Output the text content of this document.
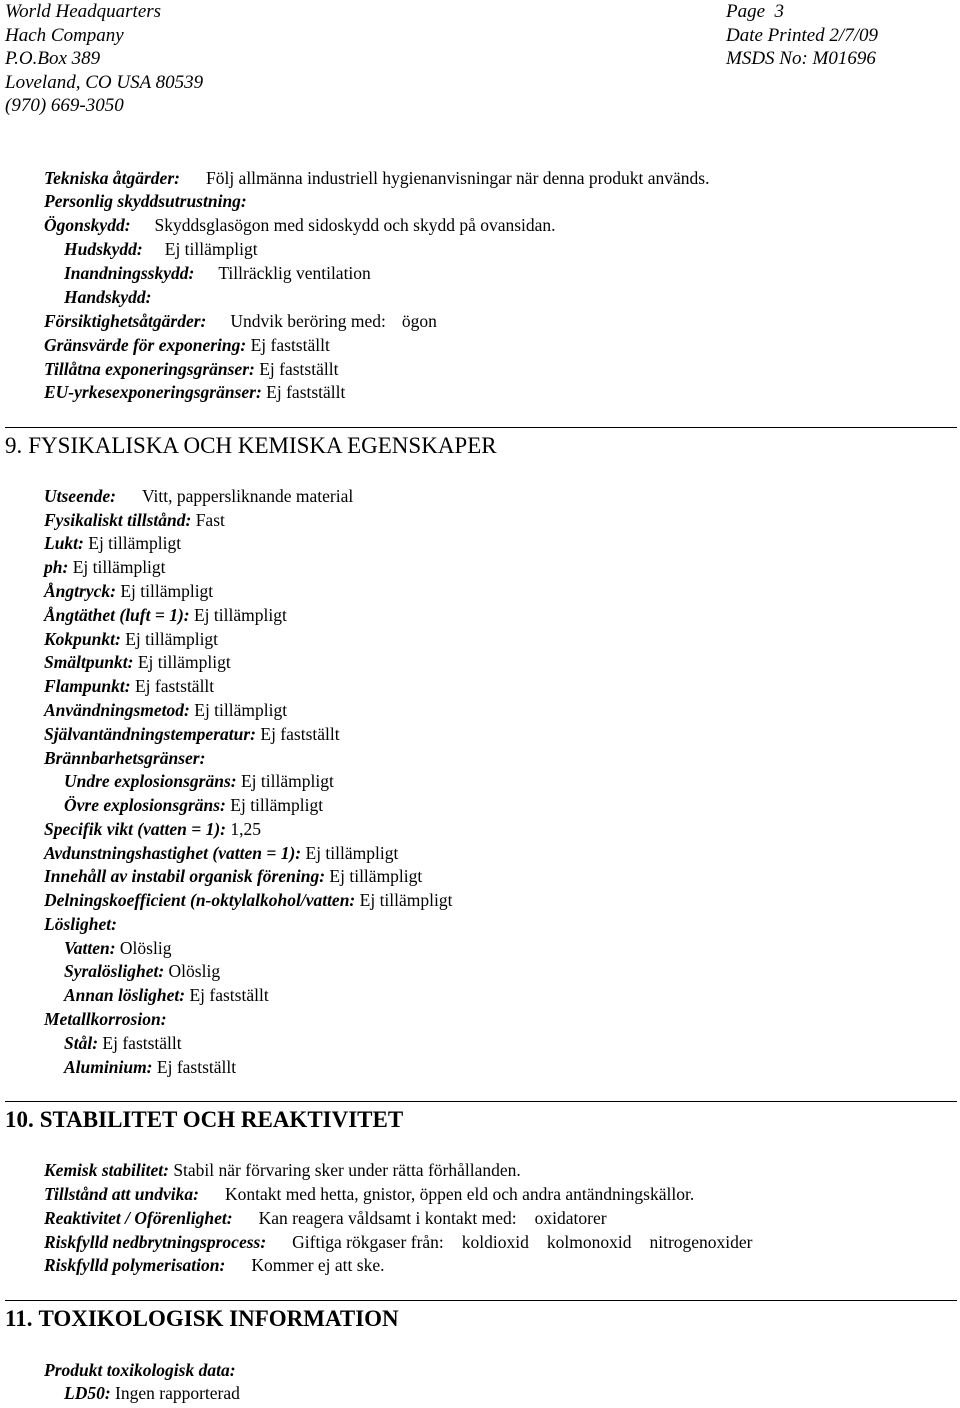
World Headquarters
Hach Company
P.O.Box 389
Loveland, CO USA 80539
(970) 669-3050
Page 3
Date Printed 2/7/09
MSDS No: M01696
Tekniska åtgärder: Följ allmänna industriell hygienanvisningar när denna produkt används.
Personlig skyddsutrustning:
Ögonskydd: Skyddsglasögon med sidoskydd och skydd på ovansidan.
Hudskydd: Ej tillämpligt
Inandningsskydd: Tillräcklig ventilation
Handskydd:
Försiktighetsåtgärder: Undvik beröring med: ögon
Gränsvärde för exponering: Ej fastställt
Tillåtna exponeringsgränser: Ej fastställt
EU-yrkesexponeringsgränser: Ej fastställt
9. FYSIKALISKA OCH KEMISKA EGENSKAPER
Utseende: Vitt, pappersliknande material
Fysikaliskt tillstånd: Fast
Lukt: Ej tillämpligt
ph: Ej tillämpligt
Ångtryck: Ej tillämpligt
Ångtäthet (luft = 1): Ej tillämpligt
Kokpunkt: Ej tillämpligt
Smältpunkt: Ej tillämpligt
Flampunkt: Ej fastställt
Användningsmetod: Ej tillämpligt
Självantändningstemperatur: Ej fastställt
Brännbarhetsgränser:
Undre explosionsgräns: Ej tillämpligt
Övre explosionsgräns: Ej tillämpligt
Specifik vikt (vatten = 1): 1,25
Avdunstningshastighet (vatten = 1): Ej tillämpligt
Innehåll av instabil organisk förening: Ej tillämpligt
Delningskoefficient (n-oktylalkohol/vatten: Ej tillämpligt
Löslighet:
Vatten: Olöslig
Syralöslighet: Olöslig
Annan löslighet: Ej fastställt
Metallkorrosion:
Stål: Ej fastställt
Aluminium: Ej fastställt
10. STABILITET OCH REAKTIVITET
Kemisk stabilitet: Stabil när förvaring sker under rätta förhållanden.
Tillstånd att undvika: Kontakt med hetta, gnistor, öppen eld och andra antändningskällor.
Reaktivitet / Oförenlighet: Kan reagera våldsamt i kontakt med: oxidatorer
Riskfylld nedbrytningsprocess: Giftiga rökgaser från: koldioxid kolmonoxid nitrogenoxider
Riskfylld polymerisation: Kommer ej att ske.
11. TOXIKOLOGISK INFORMATION
Produkt toxikologisk data:
LD50: Ingen rapporterad
